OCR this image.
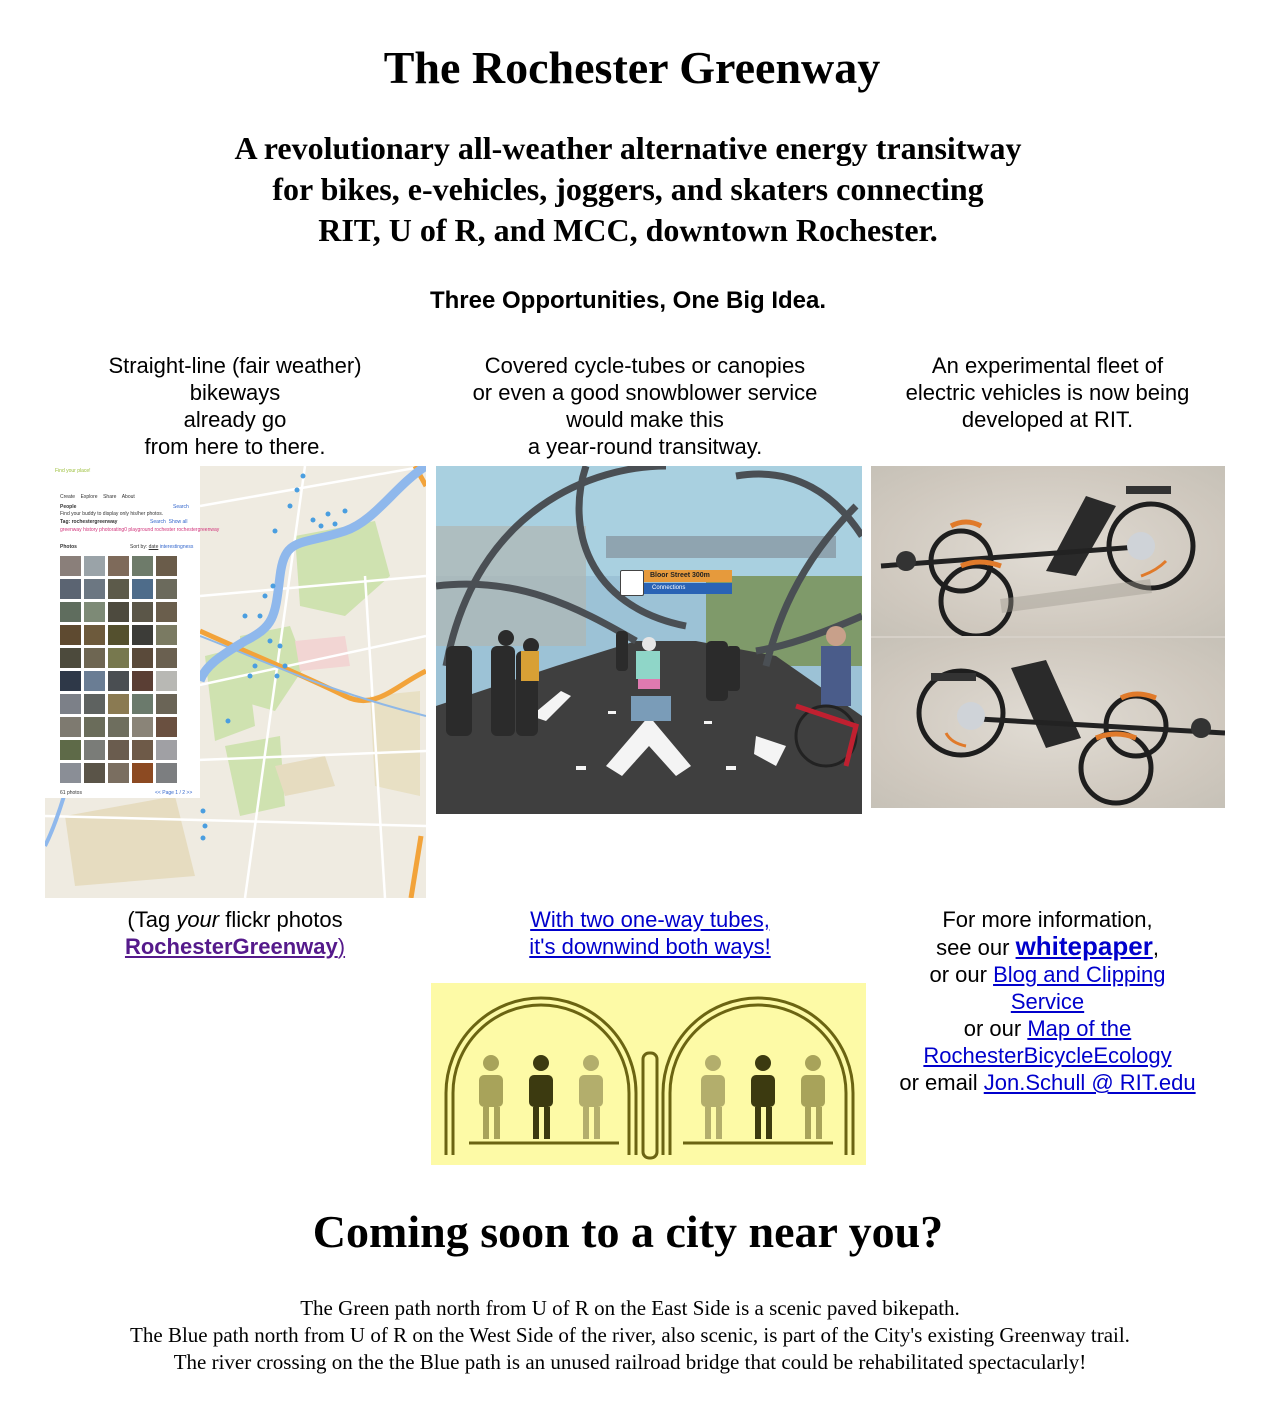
The Rochester Greenway
A revolutionary all-weather alternative energy transitway
for bikes, e-vehicles, joggers, and skaters connecting
RIT, U of R, and MCC, downtown Rochester.
Three Opportunities, One Big Idea.
Straight-line (fair weather)
bikeways
already go
from here to there.
Covered cycle-tubes or canopies
or even a good snowblower service
would make this
a year-round transitway.
An experimental fleet of
electric vehicles is now being
developed at RIT.
Find your place!
Create Explore Share About
People	Search
Find your buddy to display only his/her photos.
Tag: rochestergreenway	Search Show all
greenway history photorating0 playground rochester rochestergreenway
Photos	Sort by: date interestingness
61 photos	<< Page 1 / 2 >>
Bloor Street 300m
Connections
(Tag your flickr photos
RochesterGreenway)
With two one-way tubes,
it's downwind both ways!
For more information,
see our whitepaper,
or our Blog and Clipping
Service
or our Map of the
RochesterBicycleEcology
or email Jon.Schull @ RIT.edu
Coming soon to a city near you?
The Green path north from U of R on the East Side is a scenic paved bikepath.
The Blue path north from U of R on the West Side of the river, also scenic, is part of the City's existing Greenway trail.
The river crossing on the the Blue path is an unused railroad bridge that could be rehabilitated spectacularly!
